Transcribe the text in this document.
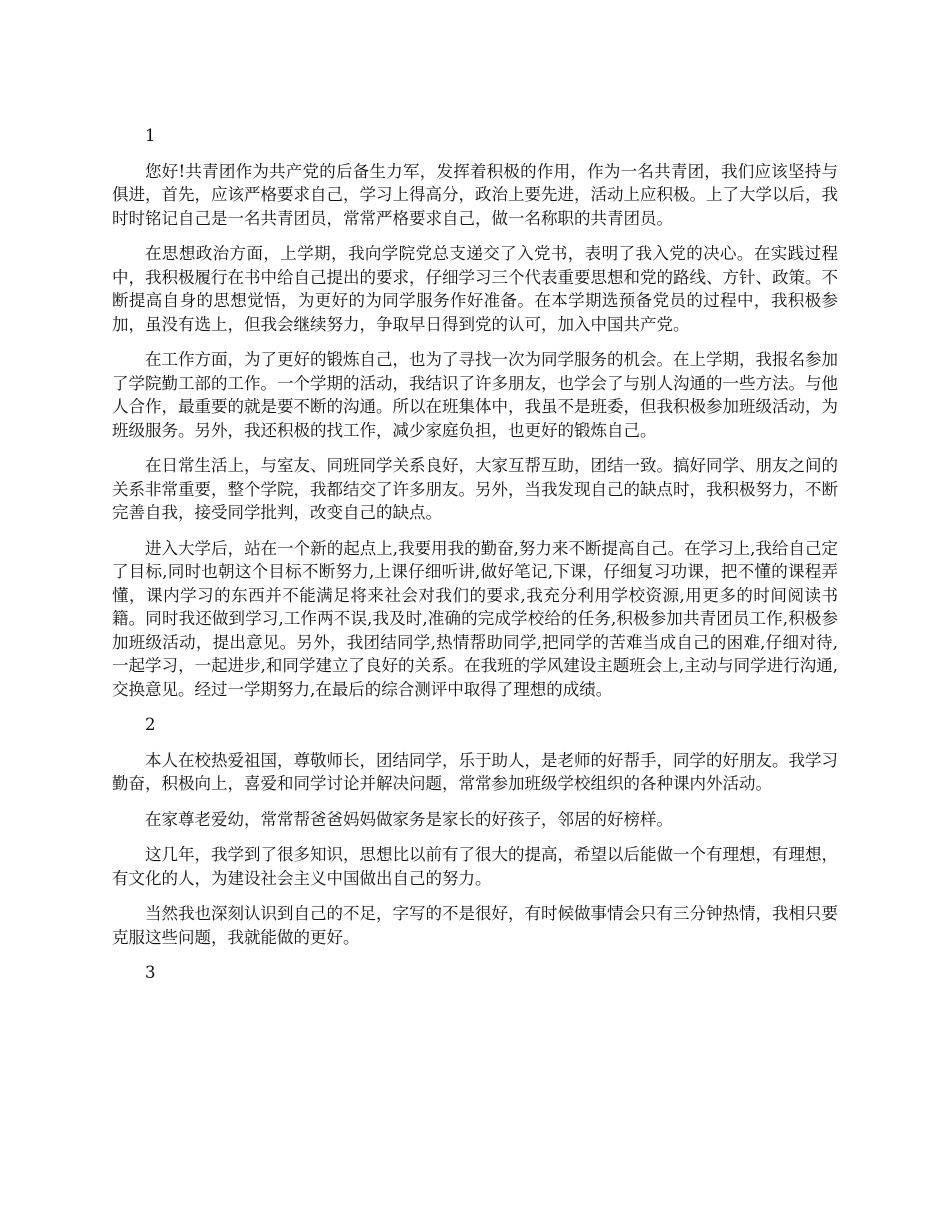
1

您好!共青团作为共产党的后备生力军，发挥着积极的作用，作为一名共青团，我们应该坚持与俱进，首先，应该严格要求自己，学习上得高分，政治上要先进，活动上应积极。上了大学以后，我时时铭记自己是一名共青团员，常常严格要求自己，做一名称职的共青团员。

在思想政治方面，上学期，我向学院党总支递交了入党书，表明了我入党的决心。在实践过程中，我积极履行在书中给自己提出的要求，仔细学习三个代表重要思想和党的路线、方针、政策。不断提高自身的思想觉悟，为更好的为同学服务作好准备。在本学期选预备党员的过程中，我积极参加，虽没有选上，但我会继续努力，争取早日得到党的认可，加入中国共产党。

在工作方面，为了更好的锻炼自己，也为了寻找一次为同学服务的机会。在上学期，我报名参加了学院勤工部的工作。一个学期的活动，我结识了许多朋友，也学会了与别人沟通的一些方法。与他人合作，最重要的就是要不断的沟通。所以在班集体中，我虽不是班委，但我积极参加班级活动，为班级服务。另外，我还积极的找工作，减少家庭负担，也更好的锻炼自己。

在日常生活上，与室友、同班同学关系良好，大家互帮互助，团结一致。搞好同学、朋友之间的关系非常重要，整个学院，我都结交了许多朋友。另外，当我发现自己的缺点时，我积极努力，不断完善自我，接受同学批判，改变自己的缺点。

进入大学后，站在一个新的起点上,我要用我的勤奋,努力来不断提高自己。在学习上,我给自己定了目标,同时也朝这个目标不断努力,上课仔细听讲,做好笔记,下课，仔细复习功课，把不懂的课程弄懂，课内学习的东西并不能满足将来社会对我们的要求,我充分利用学校资源,用更多的时间阅读书籍。同时我还做到学习,工作两不误,我及时,准确的完成学校给的任务,积极参加共青团员工作,积极参加班级活动，提出意见。另外，我团结同学,热情帮助同学,把同学的苦难当成自己的困难,仔细对待,一起学习，一起进步,和同学建立了良好的关系。在我班的学风建设主题班会上,主动与同学进行沟通,交换意见。经过一学期努力,在最后的综合测评中取得了理想的成绩。

2

本人在校热爱祖国，尊敬师长，团结同学，乐于助人，是老师的好帮手，同学的好朋友。我学习勤奋，积极向上，喜爱和同学讨论并解决问题，常常参加班级学校组织的各种课内外活动。

在家尊老爱幼，常常帮爸爸妈妈做家务是家长的好孩子，邻居的好榜样。

这几年，我学到了很多知识，思想比以前有了很大的提高，希望以后能做一个有理想，有理想，有文化的人，为建设社会主义中国做出自己的努力。

当然我也深刻认识到自己的不足，字写的不是很好，有时候做事情会只有三分钟热情，我相只要克服这些问题，我就能做的更好。

3
